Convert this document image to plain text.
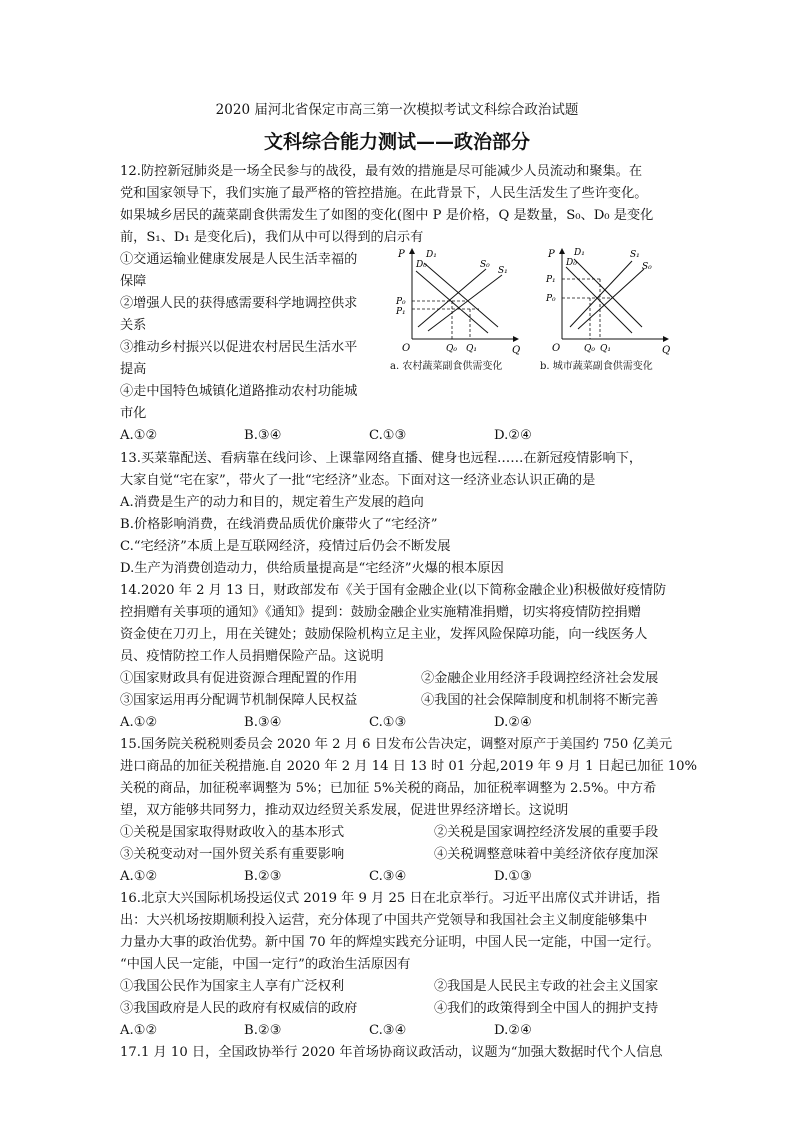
2020 届河北省保定市高三第一次模拟考试文科综合政治试题
文科综合能力测试——政治部分
12.防控新冠肺炎是一场全民参与的战役，最有效的措施是尽可能减少人员流动和聚集。在
党和国家领导下，我们实施了最严格的管控措施。在此背景下，人民生活发生了些许变化。
如果城乡居民的蔬菜副食供需发生了如图的变化(图中 P 是价格，Q 是数量，S₀、D₀ 是变化
前，S₁、D₁ 是变化后)，我们从中可以得到的启示有
①交通运输业健康发展是人民生活幸福的
保障
②增强人民的获得感需要科学地调控供求
关系
③推动乡村振兴以促进农村居民生活水平
提高
④走中国特色城镇化道路推动农村功能城
市化
A.①②	B.③④	C.①③	D.②④
P
Q
O
D₀
D₁
S₀
S₁
P₀
P₁
Q₀ Q₁
a. 农村蔬菜副食供需变化
P
Q
O
D₀
D₁	S₁
S₀
P₁
P₀
Q₀ Q₁
b. 城市蔬菜副食供需变化
13.买菜靠配送、看病靠在线问诊、上课靠网络直播、健身也远程……在新冠疫情影响下，
大家自觉“宅在家”，带火了一批“宅经济”业态。下面对这一经济业态认识正确的是
A.消费是生产的动力和目的，规定着生产发展的趋向
B.价格影响消费，在线消费品质优价廉带火了“宅经济”
C.“宅经济”本质上是互联网经济，疫情过后仍会不断发展
D.生产为消费创造动力，供给质量提高是“宅经济”火爆的根本原因
14.2020 年 2 月 13 日，财政部发布《关于国有金融企业(以下简称金融企业)积极做好疫情防
控捐赠有关事项的通知》《通知》提到：鼓励金融企业实施精准捐赠，切实将疫情防控捐赠
资金使在刀刃上，用在关键处；鼓励保险机构立足主业，发挥风险保障功能，向一线医务人
员、疫情防控工作人员捐赠保险产品。这说明
①国家财政具有促进资源合理配置的作用	②金融企业用经济手段调控经济社会发展
③国家运用再分配调节机制保障人民权益	④我国的社会保障制度和机制将不断完善
A.①②	B.③④	C.①③	D.②④
15.国务院关税税则委员会 2020 年 2 月 6 日发布公告决定，调整对原产于美国约 750 亿美元
进口商品的加征关税措施.自 2020 年 2 月 14 日 13 时 01 分起,2019 年 9 月 1 日起已加征 10%
关税的商品，加征税率调整为 5%；已加征 5%关税的商品，加征税率调整为 2.5%。中方希
望，双方能够共同努力，推动双边经贸关系发展，促进世界经济增长。这说明
①关税是国家取得财政收入的基本形式	②关税是国家调控经济发展的重要手段
③关税变动对一国外贸关系有重要影响	④关税调整意味着中美经济依存度加深
A.①②	B.②③	C.③④	D.①③
16.北京大兴国际机场投运仪式 2019 年 9 月 25 日在北京举行。习近平出席仪式并讲话，指
出：大兴机场按期顺利投入运营，充分体现了中国共产党领导和我国社会主义制度能够集中
力量办大事的政治优势。新中国 70 年的辉煌实践充分证明，中国人民一定能，中国一定行。
“中国人民一定能，中国一定行”的政治生活原因有
①我国公民作为国家主人享有广泛权利	②我国是人民民主专政的社会主义国家
③我国政府是人民的政府有权威信的政府	④我们的政策得到全中国人的拥护支持
A.①②	B.②③	C.③④	D.②④
17.1 月 10 日，全国政协举行 2020 年首场协商议政活动，议题为“加强大数据时代个人信息
